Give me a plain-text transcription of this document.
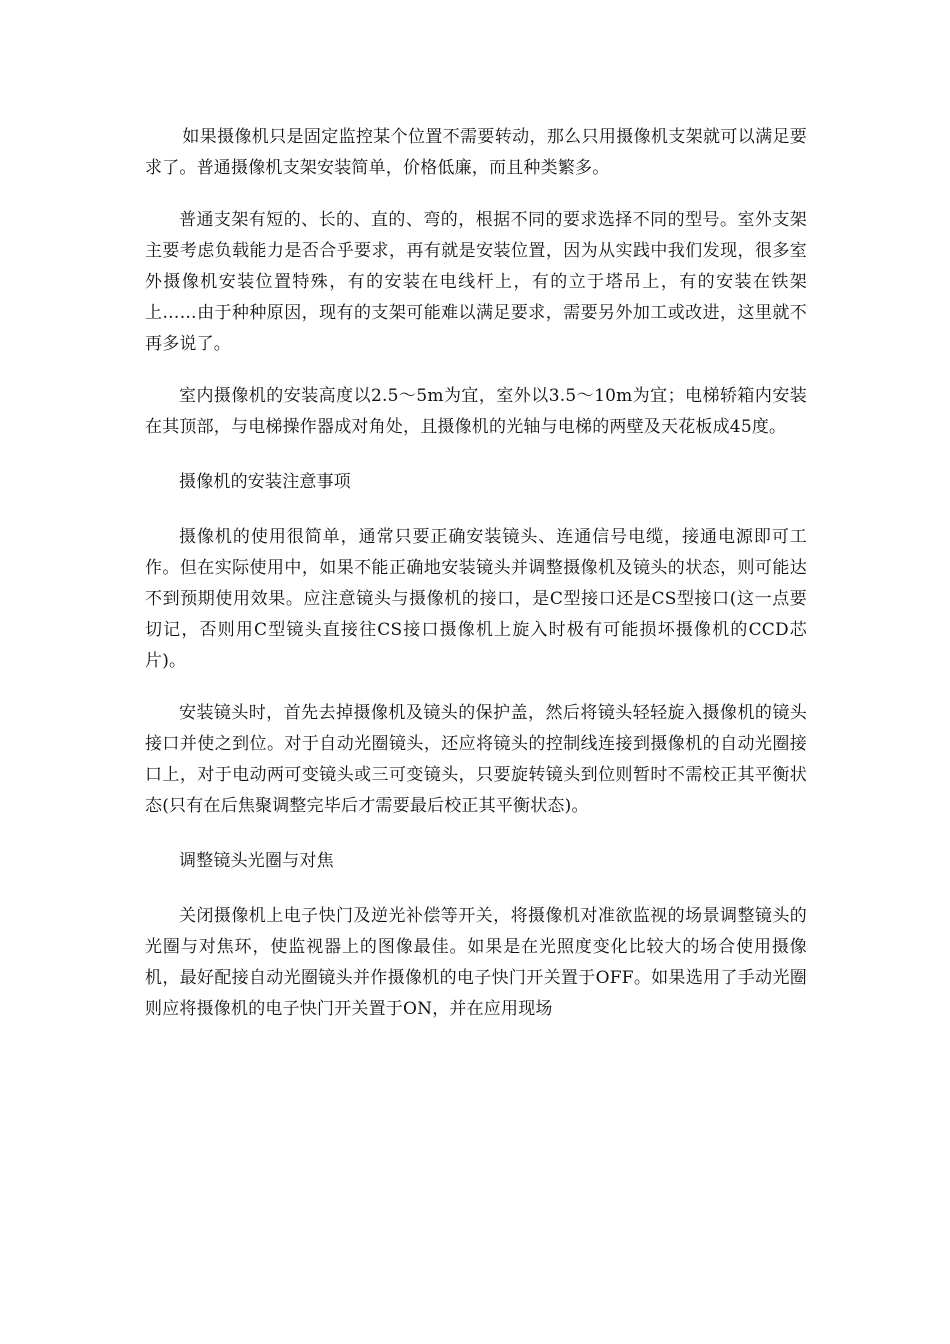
如果摄像机只是固定监控某个位置不需要转动，那么只用摄像机支架就可以满足要求了。普通摄像机支架安装简单，价格低廉，而且种类繁多。

普通支架有短的、长的、直的、弯的，根据不同的要求选择不同的型号。室外支架主要考虑负载能力是否合乎要求，再有就是安装位置，因为从实践中我们发现，很多室外摄像机安装位置特殊，有的安装在电线杆上，有的立于塔吊上，有的安装在铁架上……由于种种原因，现有的支架可能难以满足要求，需要另外加工或改进，这里就不再多说了。

室内摄像机的安装高度以2.5～5m为宜，室外以3.5～10m为宜；电梯轿箱内安装在其顶部，与电梯操作器成对角处，且摄像机的光轴与电梯的两壁及天花板成45度。

摄像机的安装注意事项

摄像机的使用很简单，通常只要正确安装镜头、连通信号电缆，接通电源即可工作。但在实际使用中，如果不能正确地安装镜头并调整摄像机及镜头的状态，则可能达不到预期使用效果。应注意镜头与摄像机的接口，是C型接口还是CS型接口(这一点要切记，否则用C型镜头直接往CS接口摄像机上旋入时极有可能损坏摄像机的CCD芯片)。

安装镜头时，首先去掉摄像机及镜头的保护盖，然后将镜头轻轻旋入摄像机的镜头接口并使之到位。对于自动光圈镜头，还应将镜头的控制线连接到摄像机的自动光圈接口上，对于电动两可变镜头或三可变镜头，只要旋转镜头到位则暂时不需校正其平衡状态(只有在后焦聚调整完毕后才需要最后校正其平衡状态)。

调整镜头光圈与对焦

关闭摄像机上电子快门及逆光补偿等开关，将摄像机对准欲监视的场景调整镜头的光圈与对焦环，使监视器上的图像最佳。如果是在光照度变化比较大的场合使用摄像机，最好配接自动光圈镜头并作摄像机的电子快门开关置于OFF。如果选用了手动光圈则应将摄像机的电子快门开关置于ON，并在应用现场
